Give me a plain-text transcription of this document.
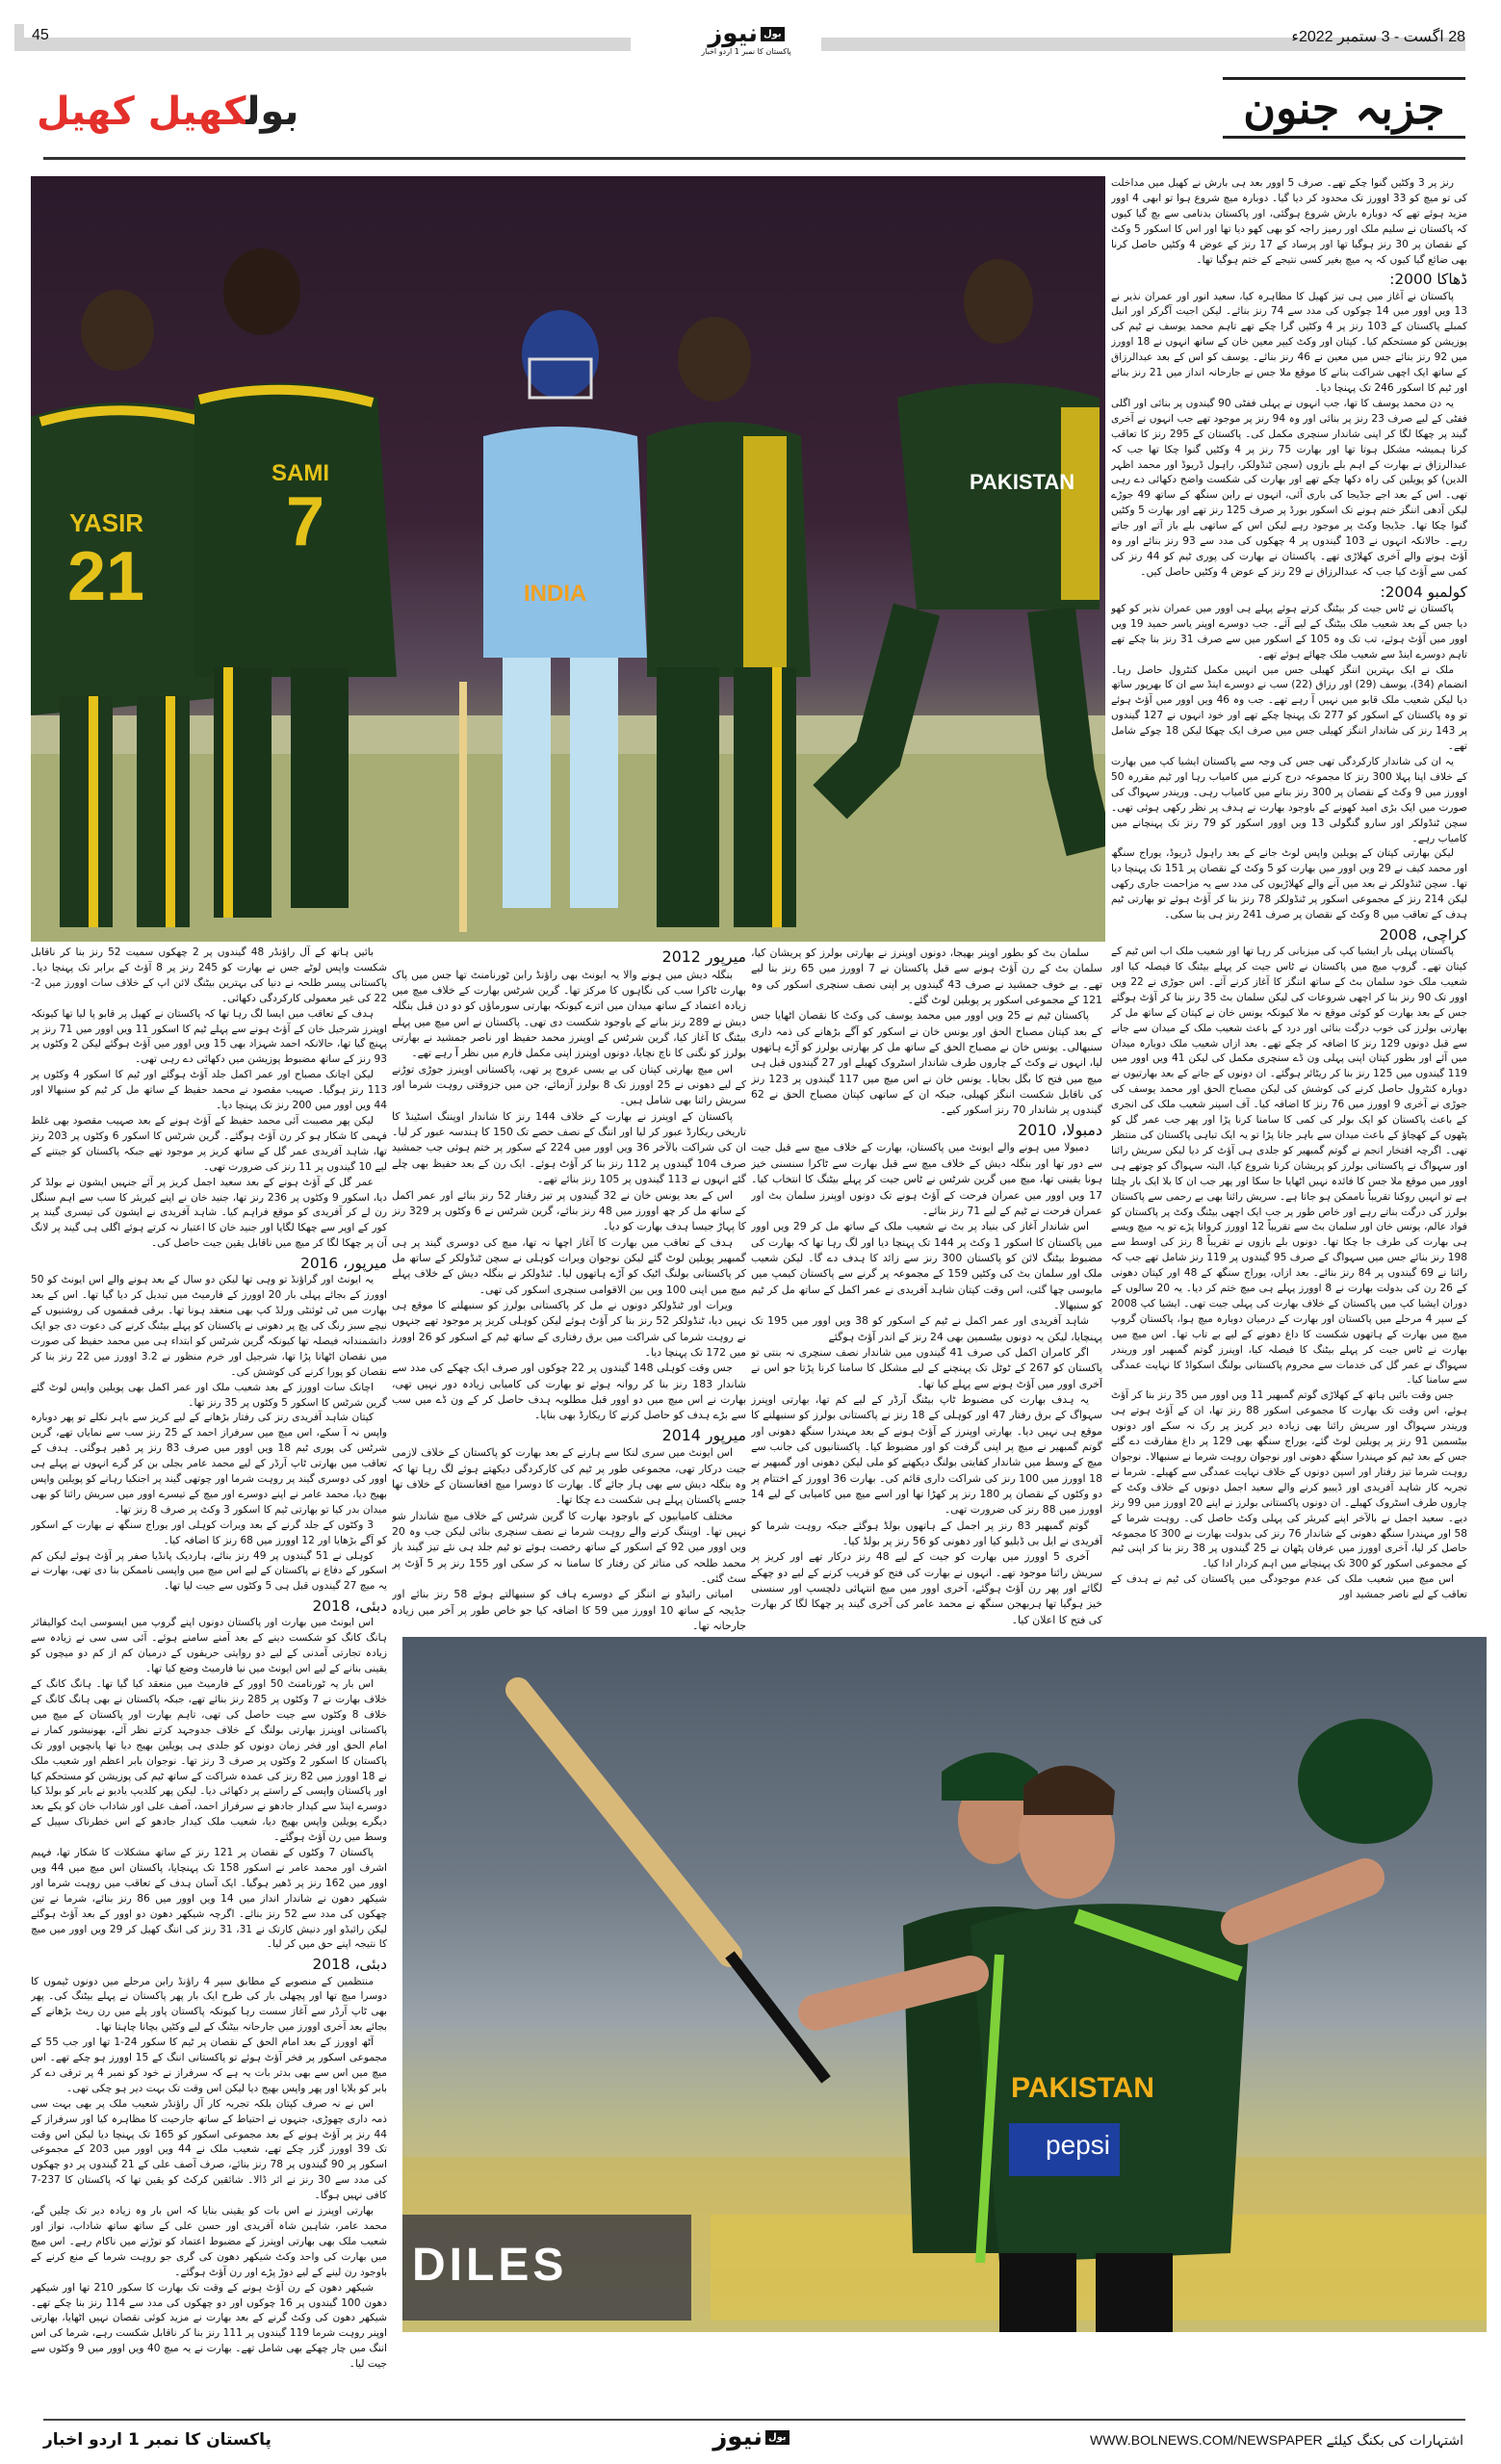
45	28 اگست - 3 ستمبر 2022ء
بول
نیوز
پاکستان کا نمبر 1 اردو اخبار
جزبہ جنون
بولکھیل کھیل
YASIR
21
SAMI
7
INDIA
PAKISTAN

رنز پر 3 وکٹیں گنوا چکے تھے۔ صرف 5 اوور بعد ہی بارش نے کھیل میں مداخلت کی تو میچ کو 33 اوورز تک محدود کر دیا گیا۔ دوبارہ میچ شروع ہوا تو ابھی 4 اوور مزید ہوئے تھے کہ دوبارہ بارش شروع ہوگئی، اور پاکستان بدنامی سے بچ گیا کیوں کہ پاکستان نے سلیم ملک اور رمیز راجہ کو بھی کھو دیا تھا اور اس کا اسکور 5 وکٹ کے نقصان پر 30 رنز ہوگیا تھا اور پرساد کے 17 رنز کے عوض 4 وکٹیں حاصل کرنا بھی ضائع گیا کیوں کہ یہ میچ بغیر کسی نتیجے کے ختم ہوگیا تھا۔

ڈھاکا 2000:

پاکستان نے آغاز میں ہی تیز کھیل کا مظاہرہ کیا، سعید انور اور عمران نذیر نے 13 ویں اوور میں 14 چوکوں کی مدد سے 74 رنز بنائے۔ لیکن اجیت آگرکر اور انیل کمبلے پاکستان کے 103 رنز پر 4 وکٹیں گرا چکے تھے تاہم محمد یوسف نے ٹیم کی پوزیشن کو مستحکم کیا۔ کپتان اور وکٹ کیپر معین خان کے ساتھ انہوں نے 18 اوورز میں 92 رنز بنائے جس میں معین نے 46 رنز بنائے۔ یوسف کو اس کے بعد عبدالرزاق کے ساتھ ایک اچھی شراکت بنانے کا موقع ملا جس نے جارحانہ انداز میں 21 رنز بنائے اور ٹیم کا اسکور 246 تک پہنچا دیا۔

یہ دن محمد یوسف کا تھا، جب انہوں نے پہلی ففٹی 90 گیندوں پر بنائی اور اگلی ففٹی کے لیے صرف 23 رنز پر بنائی اور وہ 94 رنز پر موجود تھے جب انہوں نے آخری گیند پر چھکا لگا کر اپنی شاندار سنچری مکمل کی۔ پاکستان کے 295 رنز کا تعاقب کرنا ہمیشہ مشکل ہوتا تھا اور بھارت 75 رنز پر 4 وکٹیں گنوا چکا تھا جب کہ عبدالرزاق نے بھارت کے اہم بلے بازوں (سچن ٹنڈولکر، راہول ڈریوڈ اور محمد اظہر الدین) کو پویلین کی راہ دکھا چکے تھے اور بھارت کی شکست واضح دکھائی دے رہی تھی۔ اس کے بعد اجے جڈیجا کی باری آئی، انہوں نے رابن سنگھ کے ساتھ 49 جوڑے لیکن آدھی اننگز ختم ہونے تک اسکور بورڈ پر صرف 125 رنز تھے اور بھارت 5 وکٹیں گنوا چکا تھا۔ جڈیجا وکٹ پر موجود رہے لیکن اس کے ساتھی بلے باز آتے اور جاتے رہے۔ حالانکہ انہوں نے 103 گیندوں پر 4 چھکوں کی مدد سے 93 رنز بنائے اور وہ آؤٹ ہونے والے آخری کھلاڑی تھے۔ پاکستان نے بھارت کی پوری ٹیم کو 44 رنز کی کمی سے آؤٹ کیا جب کہ عبدالرزاق نے 29 رنز کے عوض 4 وکٹیں حاصل کیں۔

کولمبو 2004:

پاکستان نے ٹاس جیت کر بیٹنگ کرتے ہوئے پہلے ہی اوور میں عمران نذیر کو کھو دیا جس کے بعد شعیب ملک بیٹنگ کے لیے آئے۔ جب دوسرے اوپنر یاسر حمید 19 ویں اوور میں آؤٹ ہوئے، تب تک وہ 105 کے اسکور میں سے صرف 31 رنز بنا چکے تھے تاہم دوسرے اینڈ سے شعیب ملک چھائے ہوئے تھے۔

ملک نے ایک بہترین اننگز کھیلی جس میں انہیں مکمل کنٹرول حاصل رہا۔ انضمام (34)، یوسف (29) اور رزاق (22) سب نے دوسرے اینڈ سے ان کا بھرپور ساتھ دیا لیکن شعیب ملک قابو میں نہیں آ رہے تھے۔ جب وہ 46 ویں اوور میں آؤٹ ہوئے تو وہ پاکستان کے اسکور کو 277 تک پہنچا چکے تھے اور خود انہوں نے 127 گیندوں پر 143 رنز کی شاندار اننگز کھیلی جس میں صرف ایک چھکا لیکن 18 چوکے شامل تھے۔

یہ ان کی شاندار کارکردگی تھی جس کی وجہ سے پاکستان ایشیا کپ میں بھارت کے خلاف اپنا پہلا 300 رنز کا مجموعہ درج کرنے میں کامیاب رہا اور ٹیم مقررہ 50 اوورز میں 9 وکٹ کے نقصان پر 300 رنز بنانے میں کامیاب رہی۔ وریندر سہواگ کی صورت میں ایک بڑی امید کھونے کے باوجود بھارت نے ہدف پر نظر رکھی ہوئی تھی۔ سچن ٹنڈولکر اور سارو گنگولی 13 ویں اوور اسکور کو 79 رنز تک پہنچانے میں کامیاب رہے۔

لیکن بھارتی کپتان کے پویلین واپس لوٹ جانے کے بعد راہول ڈریوڈ، یوراج سنگھ اور محمد کیف نے 29 ویں اوور میں بھارت کو 5 وکٹ کے نقصان پر 151 تک پہنچا دیا تھا۔ سچن ٹنڈولکر نے بعد میں آنے والے کھلاڑیوں کی مدد سے یہ مزاحمت جاری رکھی لیکن 214 رنز کے مجموعی اسکور پر ٹنڈولکر 78 رنز بنا کر آؤٹ ہوئے تو بھارتی ٹیم ہدف کے تعاقب میں 8 وکٹ کے نقصان پر صرف 241 رنز ہی بنا سکی۔

کراچی، 2008

پاکستان پہلی بار ایشیا کپ کی میزبانی کر رہا تھا اور شعیب ملک اب اس ٹیم کے کپتان تھے۔ گروپ میچ میں پاکستان نے ٹاس جیت کر پہلے بیٹنگ کا فیصلہ کیا اور شعیب ملک خود سلمان بٹ کے ساتھ اننگز کا آغاز کرنے آئے۔ اس جوڑی نے 22 ویں اوور تک 90 رنز بنا کر اچھی شروعات کی لیکن سلمان بٹ 35 رنز بنا کر آؤٹ ہوگئے جس کے بعد بھارت کو کوئی موقع نہ ملا کیونکہ یونس خان نے کپتان کے ساتھ مل کر بھارتی بولرز کی خوب درگت بنائی اور درد کے باعث شعیب ملک کے میدان سے جانے سے قبل دونوں 129 رنز کا اضافہ کر چکے تھے۔ بعد ازاں شعیب ملک دوبارہ میدان میں آئے اور بطور کپتان اپنی پہلی ون ڈے سنچری مکمل کی لیکن 41 ویں اوور میں 119 گیندوں میں 125 رنز بنا کر ریٹائر ہوگئے۔ ان دونوں کے جانے کے بعد بھارتیوں نے دوبارہ کنٹرول حاصل کرنے کی کوشش کی لیکن مصباح الحق اور محمد یوسف کی جوڑی نے آخری 9 اوورز میں 76 رنز کا اضافہ کیا۔ آف اسپنر شعیب ملک کی انجری کے باعث پاکستان کو ایک بولر کی کمی کا سامنا کرنا پڑا اور پھر جب عمر گل کو پٹھوں کے کھچاؤ کے باعث میدان سے باہر جانا پڑا تو یہ ایک تباہی پاکستان کی منتظر تھی۔ اگرچہ افتخار انجم نے گوتم گمبھیر کو جلدی ہی آؤٹ کر دیا لیکن سریش رائنا اور سہواگ نے پاکستانی بولرز کو پریشان کرنا شروع کیا، البتہ سہواگ کو چوتھے ہی اوور میں موقع ملا جس کا فائدہ نہیں اٹھایا جا سکا اور پھر جب ان کا بلا ایک بار چلتا ہے تو انہیں روکنا تقریباً ناممکن ہو جاتا ہے۔ سریش رائنا بھی بے رحمی سے پاکستان بولرز کی درگت بناتے رہے اور خاص طور پر جب ایک اچھی بیٹنگ وکٹ پر پاکستان کو فواد عالم، یونس خان اور سلمان بٹ سے تقریباً 12 اوورز کروانا پڑے تو یہ میچ ویسے ہی بھارت کی طرف جا چکا تھا۔ دونوں بلے بازوں نے تقریباً 8 رنز کی اوسط سے 198 رنز بنائے جس میں سہواگ کے صرف 95 گیندوں پر 119 رنز شامل تھے جب کہ رائنا نے 69 گیندوں پر 84 رنز بنائے۔ بعد ازاں، یوراج سنگھ کے 48 اور کپتان دھونی کے 26 رن کی بدولت بھارت نے 8 اوورز پہلے ہی میچ ختم کر دیا۔ یہ 20 سالوں کے دوران ایشیا کپ میں پاکستان کے خلاف بھارت کی پہلی جیت تھی۔ ایشیا کپ 2008 کے سپر 4 مرحلے میں پاکستان اور بھارت کے درمیان دوبارہ میچ ہوا، پاکستان گروپ میچ میں بھارت کے ہاتھوں شکست کا داغ دھونے کے لیے بے تاب تھا۔ اس میچ میں بھارت نے ٹاس جیت کر پہلے بیٹنگ کا فیصلہ کیا، اوپنرز گوتم گمبھیر اور وریندر سہواگ نے عمر گل کی خدمات سے محروم پاکستانی بولنگ اسکواڈ کا نہایت عمدگی سے سامنا کیا۔

جس وقت بائیں ہاتھ کے کھلاڑی گوتم گمبھیر 11 ویں اوور میں 35 رنز بنا کر آؤٹ ہوئے، اس وقت تک بھارت کا مجموعی اسکور 88 رنز تھا، ان کے آؤٹ ہوتے ہی وریندر سہواگ اور سریش رائنا بھی زیادہ دیر کریز پر رک نہ سکے اور دونوں بیٹسمین 91 رنز پر پویلین لوٹ گئے، یوراج سنگھ بھی 129 پر داغ مفارقت دے گئے جس کے بعد ٹیم کو مہندرا سنگھ دھونی اور نوجوان روہت شرما نے سنبھالا۔ نوجوان روہت شرما تیز رفتار اور اسپن دونوں کے خلاف نہایت عمدگی سے کھیلے۔ شرما نے تجربہ کار شاہد آفریدی اور ڈیبیو کرنے والے سعید اجمل دونوں کے خلاف وکٹ کے چاروں طرف اسٹروک کھیلے۔ ان دونوں پاکستانی بولرز نے اپنے 20 اوورز میں 99 رنز دیے۔ سعید اجمل نے بالآخر اپنے کیریئر کی پہلی وکٹ حاصل کی۔ روہت شرما کے 58 اور مہندرا سنگھ دھونی کے شاندار 76 رنز کی بدولت بھارت نے 300 کا مجموعہ حاصل کر لیا، آخری اوورز میں عرفان پٹھان نے 25 گیندوں پر 38 رنز بنا کر اپنی ٹیم کے مجموعی اسکور کو 300 تک پہنچانے میں اہم کردار ادا کیا۔

اس میچ میں شعیب ملک کی عدم موجودگی میں پاکستان کی ٹیم نے ہدف کے تعاقب کے لیے ناصر جمشید اور

سلمان بٹ کو بطور اوپنر بھیجا، دونوں اوپنرز نے بھارتی بولرز کو پریشان کیا، سلمان بٹ کے رن آؤٹ ہونے سے قبل پاکستان نے 7 اوورز میں 65 رنز بنا لیے تھے۔ بے خوف جمشید نے صرف 43 گیندوں پر اپنی نصف سنچری اسکور کی وہ 121 کے مجموعی اسکور پر پویلین لوٹ گئے۔

پاکستان ٹیم نے 25 ویں اوور میں محمد یوسف کی وکٹ کا نقصان اٹھایا جس کے بعد کپتان مصباح الحق اور یونس خان نے اسکور کو آگے بڑھانے کی ذمہ داری سنبھالی۔ یونس خان نے مصباح الحق کے ساتھ مل کر بھارتی بولرز کو آڑے ہاتھوں لیا، انہوں نے وکٹ کے چاروں طرف شاندار اسٹروک کھیلے اور 27 گیندوں قبل ہی میچ میں فتح کا بگل بجایا۔ یونس خان نے اس میچ میں 117 گیندوں پر 123 رنز کی ناقابل شکست اننگز کھیلی، جبکہ ان کے ساتھی کپتان مصباح الحق نے 62 گیندوں پر شاندار 70 رنز اسکور کیے۔

دمبولا، 2010

دمبولا میں ہونے والے ایونٹ میں پاکستان، بھارت کے خلاف میچ سے قبل جیت سے دور تھا اور بنگلہ دیش کے خلاف میچ سے قبل بھارت سے ٹاکرا سنسنی خیز ہونا یقینی تھا، میچ میں گرین شرٹس نے ٹاس جیت کر پہلے بیٹنگ کا انتخاب کیا۔ 17 ویں اوور میں عمران فرحت کے آؤٹ ہونے تک دونوں اوپنرز سلمان بٹ اور عمران فرحت نے ٹیم کے لیے 71 رنز بنائے۔

اس شاندار آغاز کی بنیاد پر بٹ نے شعیب ملک کے ساتھ مل کر 29 ویں اوور میں پاکستان کا اسکور 1 وکٹ پر 144 تک پہنچا دیا اور لگ رہا تھا کہ بھارت کی مضبوط بیٹنگ لائن کو پاکستان 300 رنز سے زائد کا ہدف دے گا۔ لیکن شعیب ملک اور سلمان بٹ کی وکٹیں 159 کے مجموعہ پر گرنے سے پاکستان کیمپ میں مایوسی چھا گئی، اس وقت کپتان شاہد آفریدی نے عمر اکمل کے ساتھ مل کر ٹیم کو سنبھالا۔

شاہد آفریدی اور عمر اکمل نے ٹیم کے اسکور کو 38 ویں اوور میں 195 تک پہنچایا، لیکن یہ دونوں بیٹسمین بھی 24 رنز کے اندر آؤٹ ہوگئے

اگر کامران اکمل کی صرف 41 گیندوں میں شاندار نصف سنچری نہ بنتی تو پاکستان کو 267 کے ٹوٹل تک پہنچنے کے لیے مشکل کا سامنا کرنا پڑتا جو اس نے آخری اوور میں آؤٹ ہونے سے پہلے کیا تھا۔

یہ ہدف بھارت کی مضبوط ٹاپ بیٹنگ آرڈر کے لیے کم تھا، بھارتی اوپنرز سہواگ کے برق رفتار 47 اور کوہلی کے 18 رنز نے پاکستانی بولرز کو سنبھلنے کا موقع ہی نہیں دیا۔ بھارتی اوپنرز کے آؤٹ ہونے کے بعد مہندرا سنگھ دھونی اور گوتم گمبھیر نے میچ پر اپنی گرفت کو اور مضبوط کیا۔ پاکستانیوں کی جانب سے میچ کے وسط میں شاندار کفایتی بولنگ دیکھنے کو ملی لیکن دھونی اور گمبھیر نے 18 اوورز میں 100 رنز کی شراکت داری قائم کی۔ بھارت 36 اوورز کے اختتام پر دو وکٹوں کے نقصان پر 180 رنز پر کھڑا تھا اور اسے میچ میں کامیابی کے لیے 14 اوورز میں 88 رنز کی ضرورت تھی۔

گوتم گمبھیر 83 رنز پر اجمل کے ہاتھوں بولڈ ہوگئے جبکہ روہت شرما کو آفریدی نے ایل بی ڈبلیو کیا اور دھونی کو 56 رنز پر بولڈ کیا۔

آخری 5 اوورز میں بھارت کو جیت کے لیے 48 رنز درکار تھے اور کریز پر سریش رائنا موجود تھے۔ انہوں نے بھارت کی فتح کو قریب کرنے کے لیے دو چھکے لگائے اور پھر رن آؤٹ ہوگئے، آخری اوور میں میچ انتہائی دلچسپ اور سنسنی خیز ہوگیا تھا ہربھجن سنگھ نے محمد عامر کی آخری گیند پر چھکا لگا کر بھارت کی فتح کا اعلان کیا۔

میرپور 2012

بنگلہ دیش میں ہونے والا یہ ایونٹ بھی راؤنڈ رابن ٹورنامنٹ تھا جس میں پاک بھارت ٹاکرا سب کی نگاہوں کا مرکز تھا۔ گرین شرٹس بھارت کے خلاف میچ میں زیادہ اعتماد کے ساتھ میدان میں اترے کیونکہ بھارتی سورماؤں کو دو دن قبل بنگلہ دیش نے 289 رنز بنانے کے باوجود شکست دی تھی۔ پاکستان نے اس میچ میں پہلے بیٹنگ کا آغاز کیا، گرین شرٹس کے اوپنرز محمد حفیظ اور ناصر جمشید نے بھارتی بولرز کو نگنی کا ناچ نچایا، دونوں اوپنرز اپنی مکمل فارم میں نظر آ رہے تھے۔

اس میچ بھارتی کپتان کی بے بسی عروج پر تھی، پاکستانی اوپنرز جوڑی توڑنے کے لیے دھونی نے 25 اوورز تک 8 بولرز آزمائے، جن میں جزوقتی روہت شرما اور سریش رائنا بھی شامل ہیں۔

پاکستان کے اوپنرز نے بھارت کے خلاف 144 رنز کا شاندار اوپننگ اسٹینڈ کا تاریخی ریکارڈ عبور کر لیا اور اننگ کے نصف حصے تک 150 کا ہندسہ عبور کر لیا۔ ان کی شراکت بالآخر 36 ویں اوور میں 224 کے سکور پر ختم ہوئی جب جمشید صرف 104 گیندوں پر 112 رنز بنا کر آؤٹ ہوئے۔ ایک رن کے بعد حفیظ بھی چلے گئے انہوں نے 113 گیندوں پر 105 رنز بنائے تھے۔

اس کے بعد یونس خان نے 32 گیندوں پر تیز رفتار 52 رنز بنائے اور عمر اکمل کے ساتھ مل کر چھ اوورز میں 48 رنز بنائے، گرین شرٹس نے 6 وکٹوں پر 329 رنز کا پہاڑ جیسا ہدف بھارت کو دیا۔

ہدف کے تعاقب میں بھارت کا آغاز اچھا نہ تھا، میچ کی دوسری گیند پر ہی گمبھیر پویلین لوٹ گئے لیکن نوجوان ویرات کوہلی نے سچن ٹنڈولکر کے ساتھ مل کر پاکستانی بولنگ اٹیک کو آڑے ہاتھوں لیا۔ ٹنڈولکر نے بنگلہ دیش کے خلاف پہلے میچ میں اپنی 100 ویں بین الاقوامی سنچری اسکور کی تھی۔

ویرات اور ٹنڈولکر دونوں نے مل کر پاکستانی بولرز کو سنبھلنے کا موقع ہی نہیں دیا، ٹنڈولکر 52 رنز بنا کر آؤٹ ہوئے لیکن کوہلی کریز پر موجود تھے جنہوں نے روہت شرما کی شراکت میں برق رفتاری کے ساتھ ٹیم کے اسکور کو 26 اوورز میں 172 تک پہنچا دیا۔

جس وقت کوہلی 148 گیندوں پر 22 چوکوں اور صرف ایک چھکے کی مدد سے شاندار 183 رنز بنا کر روانہ ہوئے تو بھارت کی کامیابی زیادہ دور نہیں تھی، بھارت نے اس میچ میں دو اوور قبل مطلوبہ ہدف حاصل کر کے ون ڈے میں سب سے بڑے ہدف کو حاصل کرنے کا ریکارڈ بھی بنایا۔

میرپور 2014

اس ایونٹ میں سری لنکا سے ہارنے کے بعد بھارت کو پاکستان کے خلاف لازمی جیت درکار تھی، مجموعی طور پر ٹیم کی کارکردگی دیکھتے ہوئے لگ رہا تھا کہ وہ بنگلہ دیش سے بھی ہار جائے گا۔ بھارت کا دوسرا میچ افغانستان کے خلاف تھا جسے پاکستان پہلے ہی شکست دے چکا تھا۔

مختلف کامیابیوں کے باوجود بھارت کا گرین شرٹس کے خلاف میچ شاندار شو نہیں تھا۔ اوپننگ کرنے والے روہت شرما نے نصف سنچری بنائی لیکن جب وہ 20 ویں اوور میں 92 کے اسکور کے ساتھ رخصت ہوئے تو ٹیم جلد ہی نئے تیز گیند باز محمد طلحہ کی متاثر کن رفتار کا سامنا نہ کر سکی اور 155 رنز پر 5 آؤٹ پر سٹ گئی۔

امباتی رائیڈو نے اننگز کے دوسرے ہاف کو سنبھالتے ہوئے 58 رنز بنائے اور جڈیجہ کے ساتھ 10 اوورز میں 59 کا اضافہ کیا جو خاص طور پر آخر میں زیادہ جارحانہ تھا۔

بائیں ہاتھ کے آل راؤنڈر 48 گیندوں پر 2 چھکوں سمیت 52 رنز بنا کر ناقابل شکست واپس لوٹے جس نے بھارت کو 245 رنز پر 8 آؤٹ کے برابر تک پہنچا دیا۔ پاکستانی پیسر طلحہ نے دنیا کی بہترین بیٹنگ لائن اپ کے خلاف سات اوورز میں 2-22 کی غیر معمولی کارکردگی دکھائی۔

ہدف کے تعاقب میں ایسا لگ رہا تھا کہ پاکستان نے کھیل پر قابو پا لیا تھا کیونکہ اوپنرز شرجیل خان کے آؤٹ ہونے سے پہلے ٹیم کا اسکور 11 ویں اوور میں 71 رنز پر پہنچ گیا تھا، حالانکہ احمد شہزاد بھی 15 ویں اوور میں آؤٹ ہوگئے لیکن 2 وکٹوں پر 93 رنز کے ساتھ مضبوط پوزیشن میں دکھائی دے رہی تھی۔

لیکن اچانک مصباح اور عمر اکمل جلد آؤٹ ہوگئے اور ٹیم کا اسکور 4 وکٹوں پر 113 رنز ہوگیا۔ صہیب مقصود نے محمد حفیظ کے ساتھ مل کر ٹیم کو سنبھالا اور 44 ویں اوور میں 200 رنز تک پہنچا دیا۔

لیکن پھر مصیبت آئی محمد حفیظ کے آؤٹ ہونے کے بعد صہیب مقصود بھی غلط فہمی کا شکار ہو کر رن آؤٹ ہوگئے۔ گرین شرٹس کا اسکور 6 وکٹوں پر 203 رنز تھا، شاہد آفریدی عمر گل کے ساتھ کریز پر موجود تھے جبکہ پاکستان کو جیتنے کے لیے 10 گیندوں پر 11 رنز کی ضرورت تھی۔

عمر گل کے آؤٹ ہونے کے بعد سعید اجمل کریز پر آئے جنہیں ایشون نے بولڈ کر دیا، اسکور 9 وکٹوں پر 236 رنز تھا، جنید خان نے اپنے کیریئر کا سب سے اہم سنگل رن لے کر آفریدی کو موقع فراہم کیا۔ شاہد آفریدی نے ایشون کی تیسری گیند پر کور کے اوپر سے چھکا لگایا اور جنید خان کا اعتبار نہ کرتے ہوئے اگلی ہی گیند پر لانگ آن پر چھکا لگا کر میچ میں ناقابل یقین جیت حاصل کی۔

میرپور، 2016

یہ ایونٹ اور گراؤنڈ تو وہی تھا لیکن دو سال کے بعد ہونے والے اس ایونٹ کو 50 اوورز کے بجائے پہلی بار 20 اوورز کے فارمیٹ میں تبدیل کر دیا گیا تھا۔ اس کے بعد بھارت میں ٹی ٹوئنٹی ورلڈ کپ بھی منعقد ہونا تھا۔ برقی قمقموں کی روشنیوں کے نیچے سبز رنگ کی پچ پر دھونی نے پاکستان کو پہلے بیٹنگ کرنے کی دعوت دی جو ایک دانشمندانہ فیصلہ تھا کیونکہ گرین شرٹس کو ابتداء ہی میں محمد حفیظ کی صورت میں نقصان اٹھانا پڑا تھا، شرجیل اور خرم منظور نے 3.2 اوورز میں 22 رنز بنا کر نقصان کو پورا کرنے کی کوشش کی۔

اچانک سات اوورز کے بعد شعیب ملک اور عمر اکمل بھی پویلین واپس لوٹ گئے گرین شرٹس کا اسکور 5 وکٹوں پر 35 رنز تھا۔

کپتان شاہد آفریدی رنز کی رفتار بڑھانے کے لیے کریز سے باہر نکلے تو پھر دوبارہ واپس نہ آ سکے، اس میچ میں سرفراز احمد کے 25 رنز سب سے نمایاں تھے، گرین شرٹس کی پوری ٹیم 18 ویں اوور میں صرف 83 رنز پر ڈھیر ہوگئی۔ ہدف کے تعاقب میں بھارتی ٹاپ آرڈر کے لیے محمد عامر بجلی بن کر گرے انہوں نے پہلے ہی اوور کی دوسری گیند پر روہت شرما اور چوتھی گیند پر اجنکیا رہانے کو پویلین واپس بھیج دیا، محمد عامر نے اپنے دوسرے اور میچ کے تیسرے اوور میں سریش رائنا کو بھی میدان بدر کیا تو بھارتی ٹیم کا اسکور 3 وکٹ پر صرف 8 رنز تھا۔

3 وکٹوں کے جلد گرنے کے بعد ویرات کوہلی اور یوراج سنگھ نے بھارت کے اسکور کو آگے بڑھایا اور 12 اوورز میں 68 رنز کا اضافہ کیا۔

کوہلی نے 51 گیندوں پر 49 رنز بنائے، ہاردیک پانڈیا صفر پر آؤٹ ہوئے لیکن کم اسکور کے دفاع نے پاکستان کے لیے اس میچ میں واپسی ناممکن بنا دی تھی، بھارت نے یہ میچ 27 گیندوں قبل ہی 5 وکٹوں سے جیت لیا تھا۔

دبئی، 2018

اس ایونٹ میں بھارت اور پاکستان دونوں اپنے گروپ میں ایسوسی ایٹ کوالیفائر ہانگ کانگ کو شکست دینے کے بعد آمنے سامنے ہوئے۔ آئی سی سی نے زیادہ سے زیادہ تجارتی آمدنی کے لیے دو روایتی حریفوں کے درمیان کم از کم دو میچوں کو یقینی بنانے کے لیے اس ایونٹ میں نیا فارمیٹ وضع کیا تھا۔

اس بار یہ ٹورنامنٹ 50 اوور کے فارمیٹ میں منعقد کیا گیا تھا۔ ہانگ کانگ کے خلاف بھارت نے 7 وکٹوں پر 285 رنز بنائے تھے، جبکہ پاکستان نے بھی ہانگ کانگ کے خلاف 8 وکٹوں سے جیت حاصل کی تھی، تاہم بھارت اور پاکستان کے میچ میں پاکستانی اوپنرز بھارتی بولنگ کے خلاف جدوجہد کرتے نظر آئے، بھونیشور کمار نے امام الحق اور فخر زمان دونوں کو جلدی ہی پویلین بھیج دیا تھا پانچویں اوور تک پاکستان کا اسکور 2 وکٹوں پر صرف 3 رنز تھا۔ نوجوان بابر اعظم اور شعیب ملک نے 18 اوورز میں 82 رنز کی عمدہ شراکت کے ساتھ ٹیم کی پوزیشن کو مستحکم کیا اور پاکستان واپسی کے راستے پر دکھائی دیا۔ لیکن پھر کلدیپ یادیو نے بابر کو بولڈ کیا دوسرے اینڈ سے کیدار جادھو نے سرفراز احمد، آصف علی اور شاداب خان کو یکے بعد دیگرے پویلین واپس بھیج دیا، شعیب ملک کیدار جادھو کے اس خطرناک سپیل کے وسط میں رن آؤٹ ہوگئے۔

پاکستان 7 وکٹوں کے نقصان پر 121 رنز کے ساتھ مشکلات کا شکار تھا، فہیم اشرف اور محمد عامر نے اسکور 158 تک پہنچایا، پاکستان اس میچ میں 44 ویں اوور میں 162 رنز پر ڈھیر ہوگیا۔ ایک آسان ہدف کے تعاقب میں روہت شرما اور شیکھر دھون نے شاندار انداز میں 14 ویں اوور میں 86 رنز بنائے، شرما نے تین چھکوں کی مدد سے 52 رنز بنائے۔ اگرچہ شیکھر دھون دو اوور کے بعد آؤٹ ہوگئے لیکن رائیڈو اور دنیش کارتک نے 31، 31 رنز کی اننگ کھیل کر 29 ویں اوور میں میچ کا نتیجہ اپنے حق میں کر لیا۔

دبئی، 2018

منتظمین کے منصوبے کے مطابق سپر 4 راؤنڈ رابن مرحلے میں دونوں ٹیموں کا دوسرا میچ تھا اور پچھلی بار کی طرح ایک بار پھر پاکستان نے پہلے بیٹنگ کی۔ پھر بھی ٹاپ آرڈر سے آغاز سست رہا کیونکہ پاکستان پاور پلے میں رن ریٹ بڑھانے کے بجائے بعد آخری اوورز میں جارحانہ بیٹنگ کے لیے وکٹیں بچانا چاہتا تھا۔

آٹھ اوورز کے بعد امام الحق کے نقصان پر ٹیم کا سکور 24-1 تھا اور جب 55 کے مجموعی اسکور پر فخر آؤٹ ہوئے تو پاکستانی اننگ کے 15 اوورز ہو چکے تھے۔ اس میچ میں اس سے بھی بدتر بات یہ ہے کہ سرفراز نے خود کو نمبر 4 پر ترقی دے کر بابر کو بلایا اور پھر واپس بھیج دیا لیکن اس وقت تک بہت دیر ہو چکی تھی۔

اس نے نہ صرف کپتان بلکہ تجربہ کار آل راؤنڈر شعیب ملک پر بھی بہت سی ذمہ داری چھوڑی، جنہوں نے احتیاط کے ساتھ جارحیت کا مظاہرہ کیا اور سرفراز کے 44 رنز پر آؤٹ ہونے کے بعد مجموعی اسکور کو 165 تک پہنچا دیا لیکن اس وقت تک 39 اوورز گزر چکے تھے، شعیب ملک نے 44 ویں اوور میں 203 کے مجموعی اسکور پر 90 گیندوں پر 78 رنز بنائے، صرف آصف علی کے 21 گیندوں پر دو چھکوں کی مدد سے 30 رنز نے اثر ڈالا۔ شائقین کرکٹ کو یقین تھا کہ پاکستان کا 237-7 کافی نہیں ہوگا۔

بھارتی اوپنرز نے اس بات کو یقینی بنایا کہ اس بار وہ زیادہ دیر تک چلیں گے، محمد عامر، شاہین شاہ آفریدی اور حسن علی کے ساتھ ساتھ شاداب، نواز اور شعیب ملک بھی بھارتی اوپنرز کے مضبوط اعتماد کو توڑنے میں ناکام رہے۔ اس میچ میں بھارت کی واحد وکٹ شیکھر دھون کی گری جو روہت شرما کے منع کرنے کے باوجود رن لینے کے لیے دوڑ پڑے اور رن آؤٹ ہوگئے۔

شیکھر دھون کے رن آؤٹ ہونے کے وقت تک بھارت کا سکور 210 تھا اور شیکھر دھون 100 گیندوں پر 16 چوکوں اور دو چھکوں کی مدد سے 114 رنز بنا چکے تھے۔ شیکھر دھون کی وکٹ گرنے کے بعد بھارت نے مزید کوئی نقصان نہیں اٹھایا، بھارتی اوپنر روہت شرما 119 گیندوں پر 111 رنز بنا کر ناقابل شکست رہے، شرما کی اس اننگ میں چار چھکے بھی شامل تھے۔ بھارت نے یہ میچ 40 ویں اوور میں 9 وکٹوں سے جیت لیا۔

PAKISTAN
pepsi
DILES
پاکستان کا نمبر 1 اردو اخبار	بول
نیوز	WWW.BOLNEWS.COM/NEWSPAPER اشتہارات کی بکنگ کیلئے
